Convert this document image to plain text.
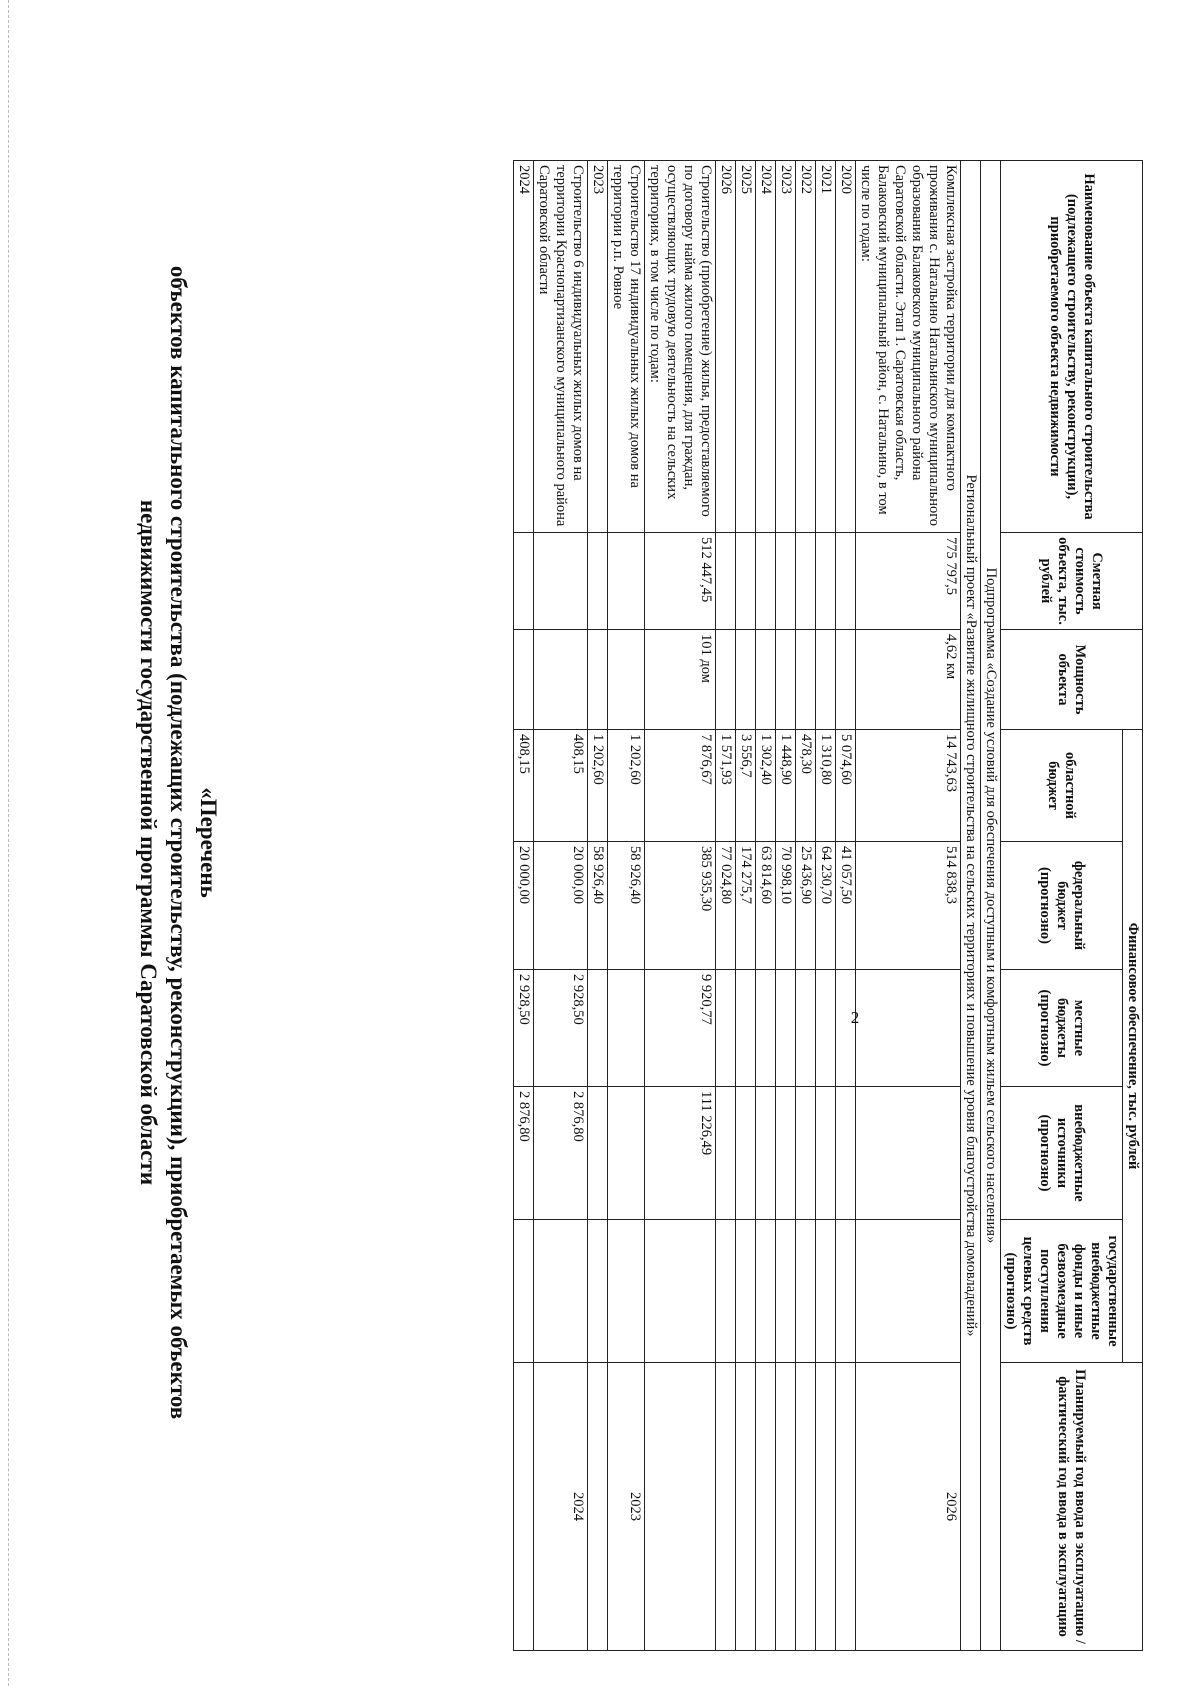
«Перечень
объектов капитального строительства (подлежащих строительству, реконструкции), приобретаемых объектов
недвижимости государственной программы Саратовской области
Наименование объекта капитального строительства (подлежащего строительству, реконструкции), приобретаемого объекта недвижимости	Сметная стоимость объекта, тыс. рублей	Мощность объекта	Финансовое обеспечение, тыс. рублей					Планируемый год ввода в эксплуатацию / фактический год ввода в эксплуатацию
			областной бюджет	федеральный бюджет (прогнозно)	местные бюджеты (прогнозно)	внебюджетные источники (прогнозно)	государственные внебюджетные фонды и иные безвозмездные поступления целевых средств (прогнозно)	
Подпрограмма «Создание условий для обеспечения доступным и комфортным жильем сельского населения»								
Региональный проект «Развитие жилищного строительства на сельских территориях и повышение уровня благоустройства домовладений»								
Комплексная застройка территории для компактного проживания с. Натальино Натальинского муниципального образования Балаковского муниципального района Саратовской области. Этап 1. Саратовская область, Балаковский муниципальный район, с. Натальино, в том числе по годам:	775 797,5	4,62 км	14 743,63	514 838,3				2026
2020			5 074,60	41 057,50				
2021			1 310,80	64 230,70				
2022			478,30	25 436,90				
2023			1 448,90	70 998,10				
2024			1 302,40	63 814,60				
2025			3 556,7	174 275,7				
2026			1 571,93	77 024,80				
Строительство (приобретение) жилья, предоставляемого по договору найма жилого помещения, для граждан, осуществляющих трудовую деятельность на сельских территориях, в том числе по годам:	512 447,45	101 дом	7 876,67	385 935,30	9 920,77	111 226,49		
Строительство 17 индивидуальных жилых домов на территории р.п. Ровное			1 202,60	58 926,40				2023
2023			1 202,60	58 926,40				
Строительство 6 индивидуальных жилых домов на территории Краснопартизанского муниципального района Саратовской области			408,15	20 000,00	2 928,50	2 876,80		2024
2024			408,15	20 000,00	2 928,50	2 876,80		
2
